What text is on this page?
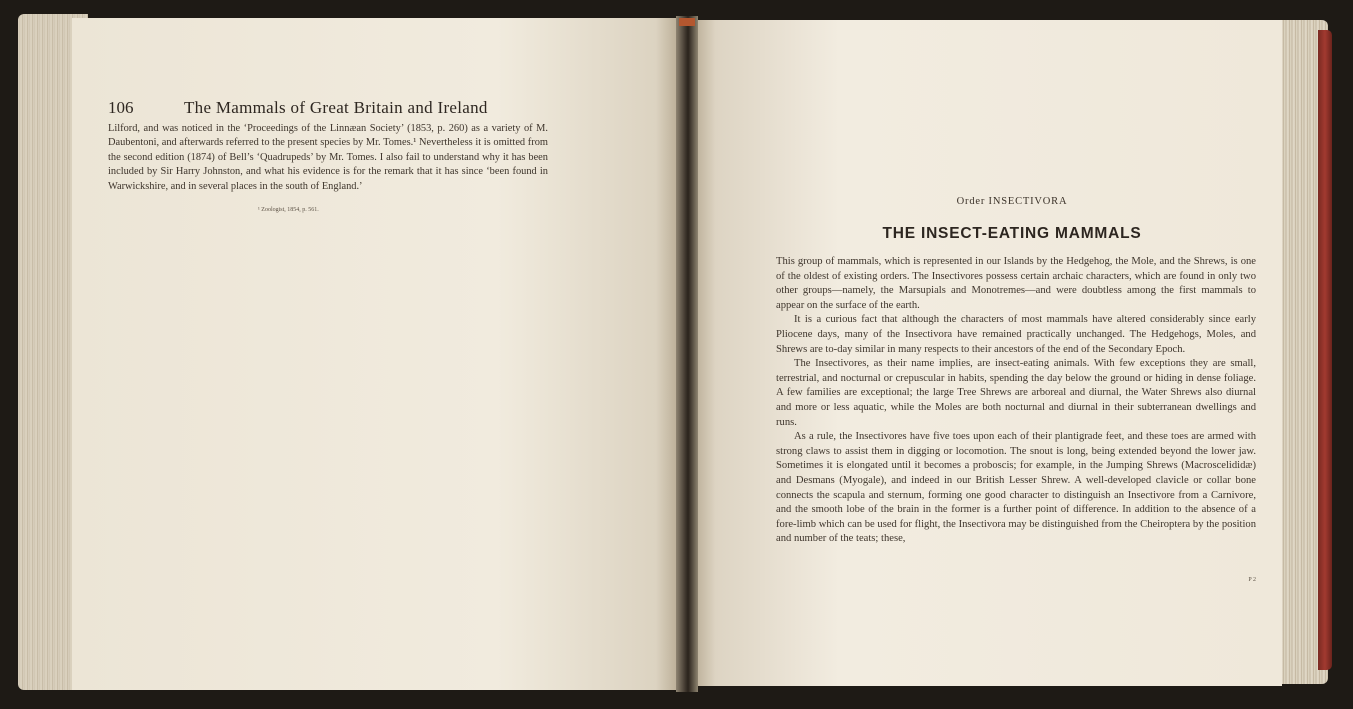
106	The Mammals of Great Britain and Ireland

Lilford, and was noticed in the ‘Proceedings of the Linnæan Society’ (1853, p. 260) as a variety of M. Daubentoni, and afterwards referred to the present species by Mr. Tomes.¹ Nevertheless it is omitted from the second edition (1874) of Bell’s ‘Quadrupeds’ by Mr. Tomes. I also fail to understand why it has been included by Sir Harry Johnston, and what his evidence is for the remark that it has since ‘been found in Warwickshire, and in several places in the south of England.’

¹ Zoologist, 1854, p. 561.
Order INSECTIVORA
THE INSECT-EATING MAMMALS

This group of mammals, which is represented in our Islands by the Hedgehog, the Mole, and the Shrews, is one of the oldest of existing orders. The Insectivores possess certain archaic characters, which are found in only two other groups—namely, the Marsupials and Monotremes—and were doubtless among the first mammals to appear on the surface of the earth.

It is a curious fact that although the characters of most mammals have altered considerably since early Pliocene days, many of the Insectivora have remained practically unchanged. The Hedgehogs, Moles, and Shrews are to-day similar in many respects to their ancestors of the end of the Secondary Epoch.

The Insectivores, as their name implies, are insect-eating animals. With few exceptions they are small, terrestrial, and nocturnal or crepuscular in habits, spending the day below the ground or hiding in dense foliage. A few families are exceptional; the large Tree Shrews are arboreal and diurnal, the Water Shrews also diurnal and more or less aquatic, while the Moles are both nocturnal and diurnal in their subterranean dwellings and runs.

As a rule, the Insectivores have five toes upon each of their plantigrade feet, and these toes are armed with strong claws to assist them in digging or locomotion. The snout is long, being extended beyond the lower jaw. Sometimes it is elongated until it becomes a proboscis; for example, in the Jumping Shrews (Macroscelididæ) and Desmans (Myogale), and indeed in our British Lesser Shrew. A well-developed clavicle or collar bone connects the scapula and sternum, forming one good character to distinguish an Insectivore from a Carnivore, and the smooth lobe of the brain in the former is a further point of difference. In addition to the absence of a fore-limb which can be used for flight, the Insectivora may be distinguished from the Cheiroptera by the position and number of the teats; these,

P 2
